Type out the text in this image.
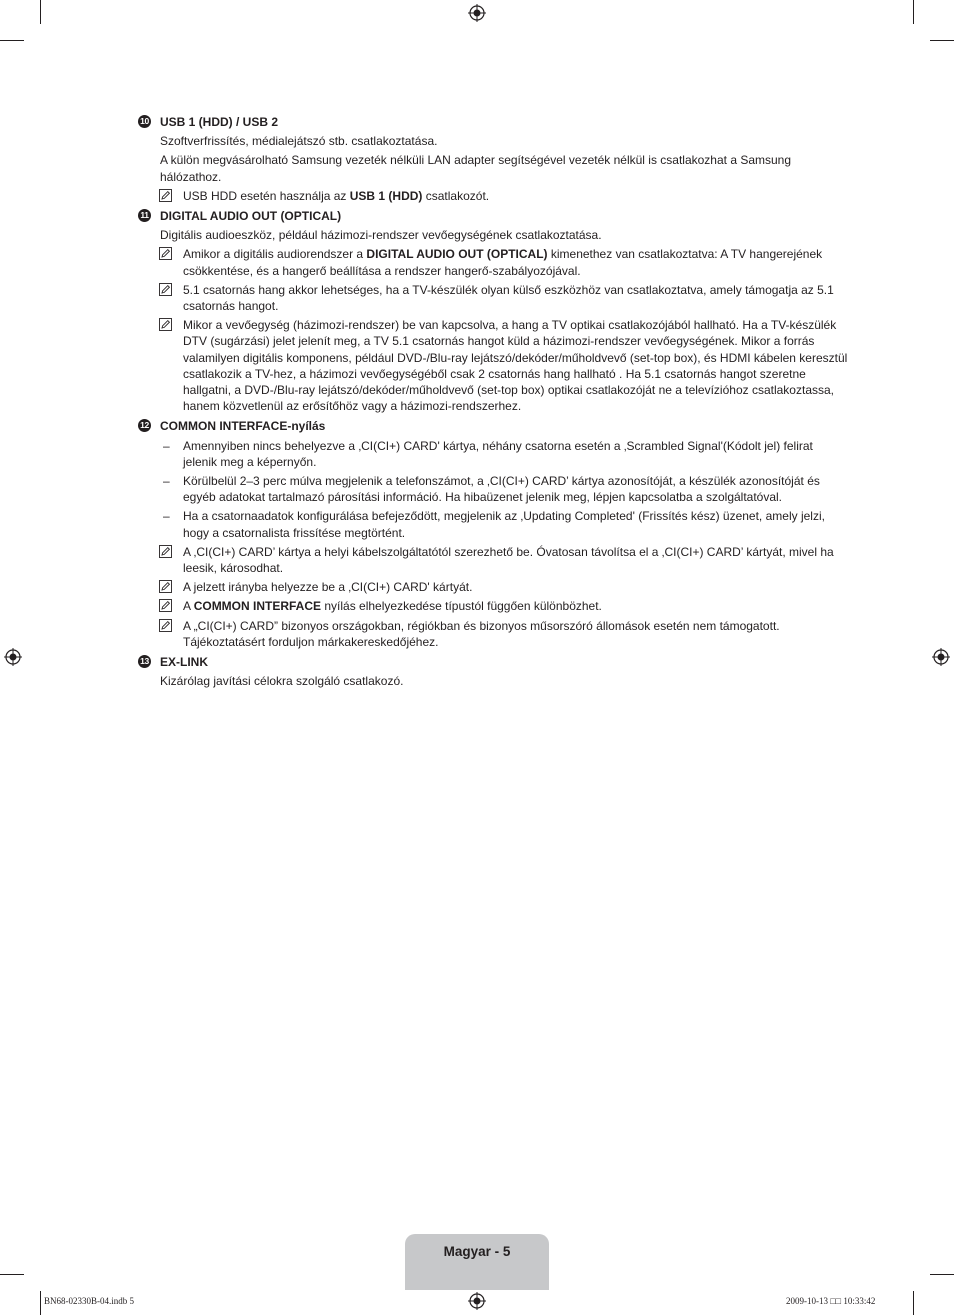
10 USB 1 (HDD) / USB 2
Szoftverfrissítés, médialejátszó stb. csatlakoztatása.
A külön megvásárolható Samsung vezeték nélküli LAN adapter segítségével vezeték nélkül is csatlakozhat a Samsung hálózathoz.
USB HDD esetén használja az USB 1 (HDD) csatlakozót.
11 DIGITAL AUDIO OUT (OPTICAL)
Digitális audioeszköz, például házimozi-rendszer vevőegységének csatlakoztatása.
Amikor a digitális audiorendszer a DIGITAL AUDIO OUT (OPTICAL) kimenethez van csatlakoztatva: A TV hangerejének csökkentése, és a hangerő beállítása a rendszer hangerő-szabályozójával.
5.1 csatornás hang akkor lehetséges, ha a TV-készülék olyan külső eszközhöz van csatlakoztatva, amely támogatja az 5.1 csatornás hangot.
Mikor a vevőegység (házimozi-rendszer) be van kapcsolva, a hang a TV optikai csatlakozójából hallható. Ha a TV-készülék DTV (sugárzási) jelet jelenít meg, a TV 5.1 csatornás hangot küld a házimozi-rendszer vevőegységének. Mikor a forrás valamilyen digitális komponens, például DVD-/Blu-ray lejátszó/dekóder/műholdvevő (set-top box), és HDMI kábelen keresztül csatlakozik a TV-hez, a házimozi vevőegységéből csak 2 csatornás hang hallható . Ha 5.1 csatornás hangot szeretne hallgatni, a DVD-/Blu-ray lejátszó/dekóder/műholdvevő (set-top box) optikai csatlakozóját ne a televízióhoz csatlakoztassa, hanem közvetlenül az erősítőhöz vagy a házimozi-rendszerhez.
12 COMMON INTERFACE-nyílás
– Amennyiben nincs behelyezve a ‚CI(CI+) CARD' kártya, néhány csatorna esetén a ‚Scrambled Signal'(Kódolt jel) felirat jelenik meg a képernyőn.
– Körülbelül 2–3 perc múlva megjelenik a telefonszámot, a ‚CI(CI+) CARD’ kártya azonosítóját, a készülék azonosítóját és egyéb adatokat tartalmazó párosítási információ. Ha hibaüzenet jelenik meg, lépjen kapcsolatba a szolgáltatóval.
– Ha a csatornaadatok konfigurálása befejeződött, megjelenik az ‚Updating Completed' (Frissítés kész) üzenet, amely jelzi, hogy a csatornalista frissítése megtörtént.
A ‚CI(CI+) CARD’ kártya a helyi kábelszolgáltatótól szerezhető be. Óvatosan távolítsa el a ‚CI(CI+) CARD’ kártyát, mivel ha leesik, károsodhat.
A jelzett irányba helyezze be a ‚CI(CI+) CARD' kártyát.
A COMMON INTERFACE nyílás elhelyezkedése típustól függően különbözhet.
A „CI(CI+) CARD” bizonyos országokban, régiókban és bizonyos műsorszóró állomások esetén nem támogatott. Tájékoztatásért forduljon márkakereskedőjéhez.
13 EX-LINK
Kizárólag javítási célokra szolgáló csatlakozó.
Magyar - 5
BN68-02330B-04.indb 5	2009-10-13 □□ 10:33:42
